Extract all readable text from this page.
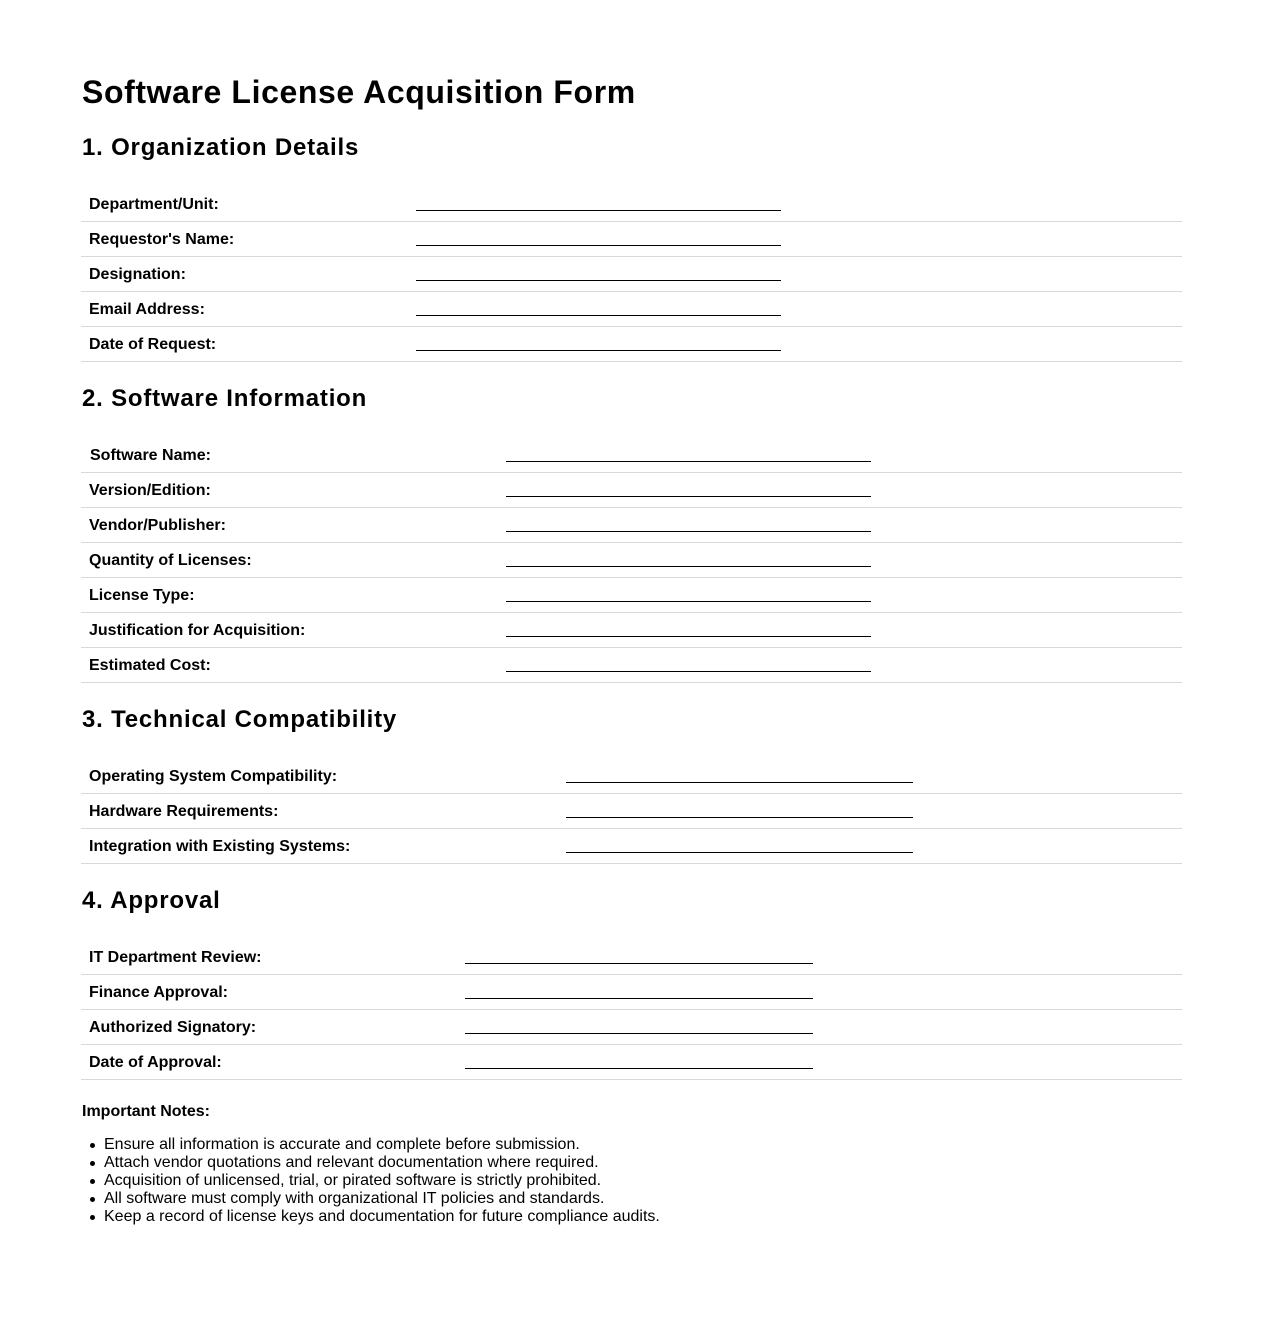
Software License Acquisition Form
1. Organization Details
Department/Unit:
Requestor's Name:
Designation:
Email Address:
Date of Request:
2. Software Information
Software Name:
Version/Edition:
Vendor/Publisher:
Quantity of Licenses:
License Type:
Justification for Acquisition:
Estimated Cost:
3. Technical Compatibility
Operating System Compatibility:
Hardware Requirements:
Integration with Existing Systems:
4. Approval
IT Department Review:
Finance Approval:
Authorized Signatory:
Date of Approval:
Important Notes:
Ensure all information is accurate and complete before submission.
Attach vendor quotations and relevant documentation where required.
Acquisition of unlicensed, trial, or pirated software is strictly prohibited.
All software must comply with organizational IT policies and standards.
Keep a record of license keys and documentation for future compliance audits.
